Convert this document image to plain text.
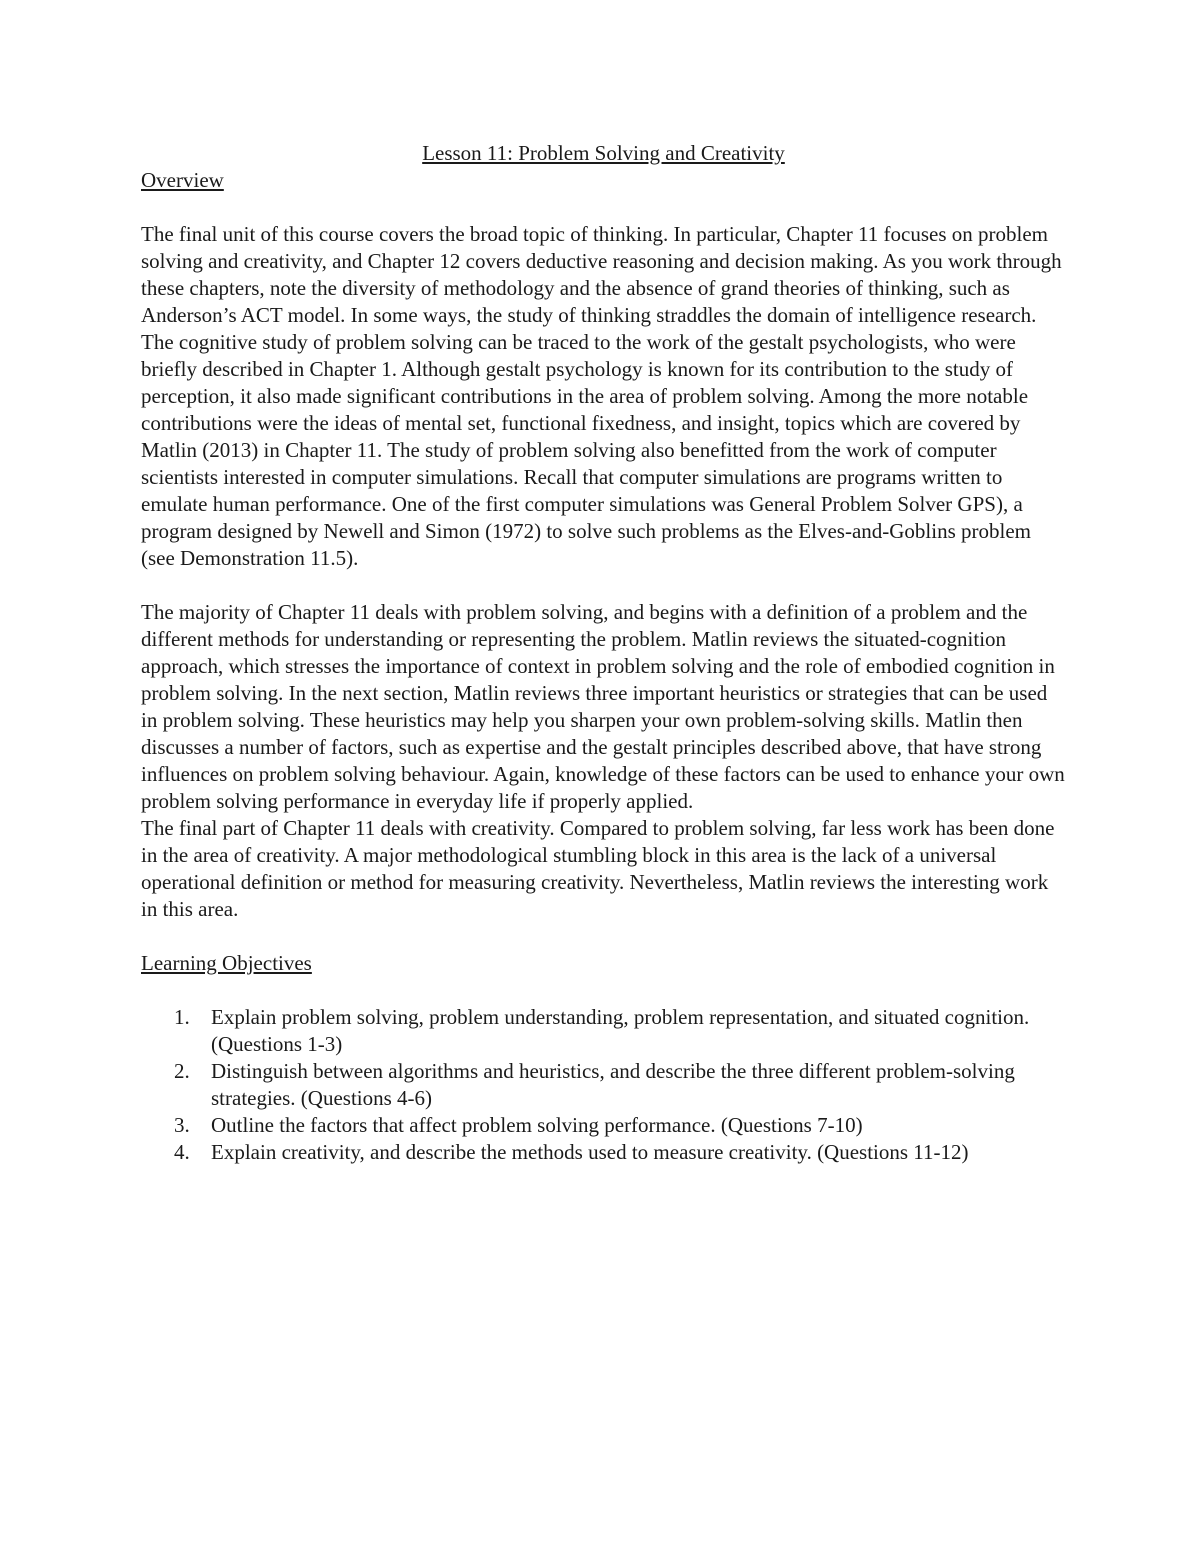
Lesson 11: Problem Solving and Creativity

Overview

The final unit of this course covers the broad topic of thinking. In particular, Chapter 11 focuses on problem solving and creativity, and Chapter 12 covers deductive reasoning and decision making. As you work through these chapters, note the diversity of methodology and the absence of grand theories of thinking, such as Anderson’s ACT model. In some ways, the study of thinking straddles the domain of intelligence research.

The cognitive study of problem solving can be traced to the work of the gestalt psychologists, who were briefly described in Chapter 1. Although gestalt psychology is known for its contribution to the study of perception, it also made significant contributions in the area of problem solving. Among the more notable contributions were the ideas of mental set, functional fixedness, and insight, topics which are covered by Matlin (2013) in Chapter 11. The study of problem solving also benefitted from the work of computer scientists interested in computer simulations. Recall that computer simulations are programs written to emulate human performance. One of the first computer simulations was General Problem Solver GPS), a program designed by Newell and Simon (1972) to solve such problems as the Elves-and-Goblins problem (see Demonstration 11.5).

The majority of Chapter 11 deals with problem solving, and begins with a definition of a problem and the different methods for understanding or representing the problem. Matlin reviews the situated-cognition approach, which stresses the importance of context in problem solving and the role of embodied cognition in problem solving. In the next section, Matlin reviews three important heuristics or strategies that can be used in problem solving. These heuristics may help you sharpen your own problem-solving skills. Matlin then discusses a number of factors, such as expertise and the gestalt principles described above, that have strong influences on problem solving behaviour. Again, knowledge of these factors can be used to enhance your own problem solving performance in everyday life if properly applied.

The final part of Chapter 11 deals with creativity. Compared to problem solving, far less work has been done in the area of creativity. A major methodological stumbling block in this area is the lack of a universal operational definition or method for measuring creativity. Nevertheless, Matlin reviews the interesting work in this area.

Learning Objectives

1. Explain problem solving, problem understanding, problem representation, and situated cognition. (Questions 1-3)
2. Distinguish between algorithms and heuristics, and describe the three different problem-solving strategies. (Questions 4-6)
3. Outline the factors that affect problem solving performance. (Questions 7-10)
4. Explain creativity, and describe the methods used to measure creativity. (Questions 11-12)
